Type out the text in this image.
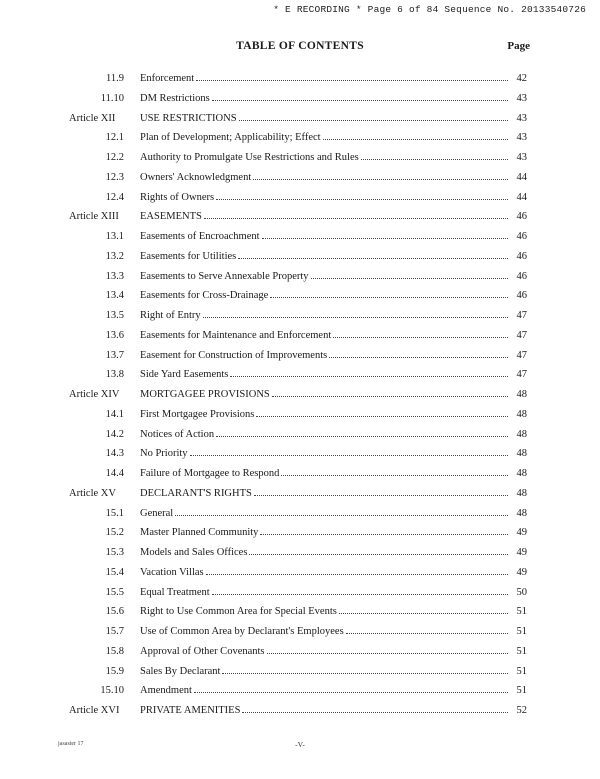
* E RECORDING * Page 6 of 84 Sequence No. 20133540726
TABLE OF CONTENTS	Page
11.9 Enforcement	42
11.10 DM Restrictions	43
Article XII USE RESTRICTIONS	43
12.1 Plan of Development; Applicability; Effect	43
12.2 Authority to Promulgate Use Restrictions and Rules	43
12.3 Owners' Acknowledgment	44
12.4 Rights of Owners	44
Article XIII EASEMENTS	46
13.1 Easements of Encroachment	46
13.2 Easements for Utilities	46
13.3 Easements to Serve Annexable Property	46
13.4 Easements for Cross-Drainage	46
13.5 Right of Entry	47
13.6 Easements for Maintenance and Enforcement	47
13.7 Easement for Construction of Improvements	47
13.8 Side Yard Easements	47
Article XIV MORTGAGEE PROVISIONS	48
14.1 First Mortgagee Provisions	48
14.2 Notices of Action	48
14.3 No Priority	48
14.4 Failure of Mortgagee to Respond	48
Article XV DECLARANT'S RIGHTS	48
15.1 General	48
15.2 Master Planned Community	49
15.3 Models and Sales Offices	49
15.4 Vacation Villas	49
15.5 Equal Treatment	50
15.6 Right to Use Common Area for Special Events	51
15.7 Use of Common Area by Declarant's Employees	51
15.8 Approval of Other Covenants	51
15.9 Sales By Declarant	51
15.10 Amendment	51
Article XVI PRIVATE AMENITIES	52
jasaster 17	-V-
